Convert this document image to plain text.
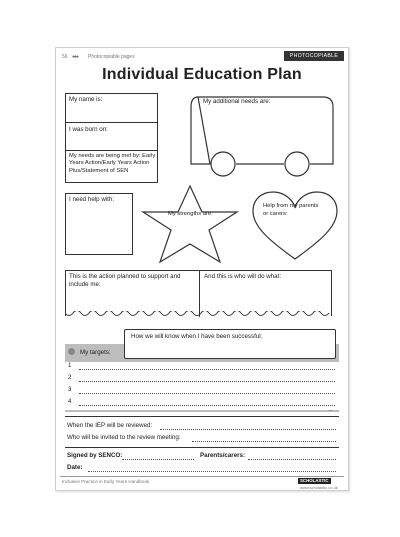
56 ●●● Photocopiable pages	PHOTOCOPIABLE
Individual Education Plan
My name is:
I was born on:
My needs are being met by: Early Years Action/Early Years Action Plus/Statement of SEN
My additional needs are:
I need help with:
My strengths are:
Help from my parents or carers:
This is the action planned to support and include me:
And this is who will do what:
How we will know when I have been successful:
My targets:
1
2
3
4
When the IEP will be reviewed:
Who will be invited to the review meeting:
Signed by SENCO:	Parents/carers:
Date:
Inclusive Practice in Early Years Handbook	SCHOLASTIC
www.scholastic.co.uk
